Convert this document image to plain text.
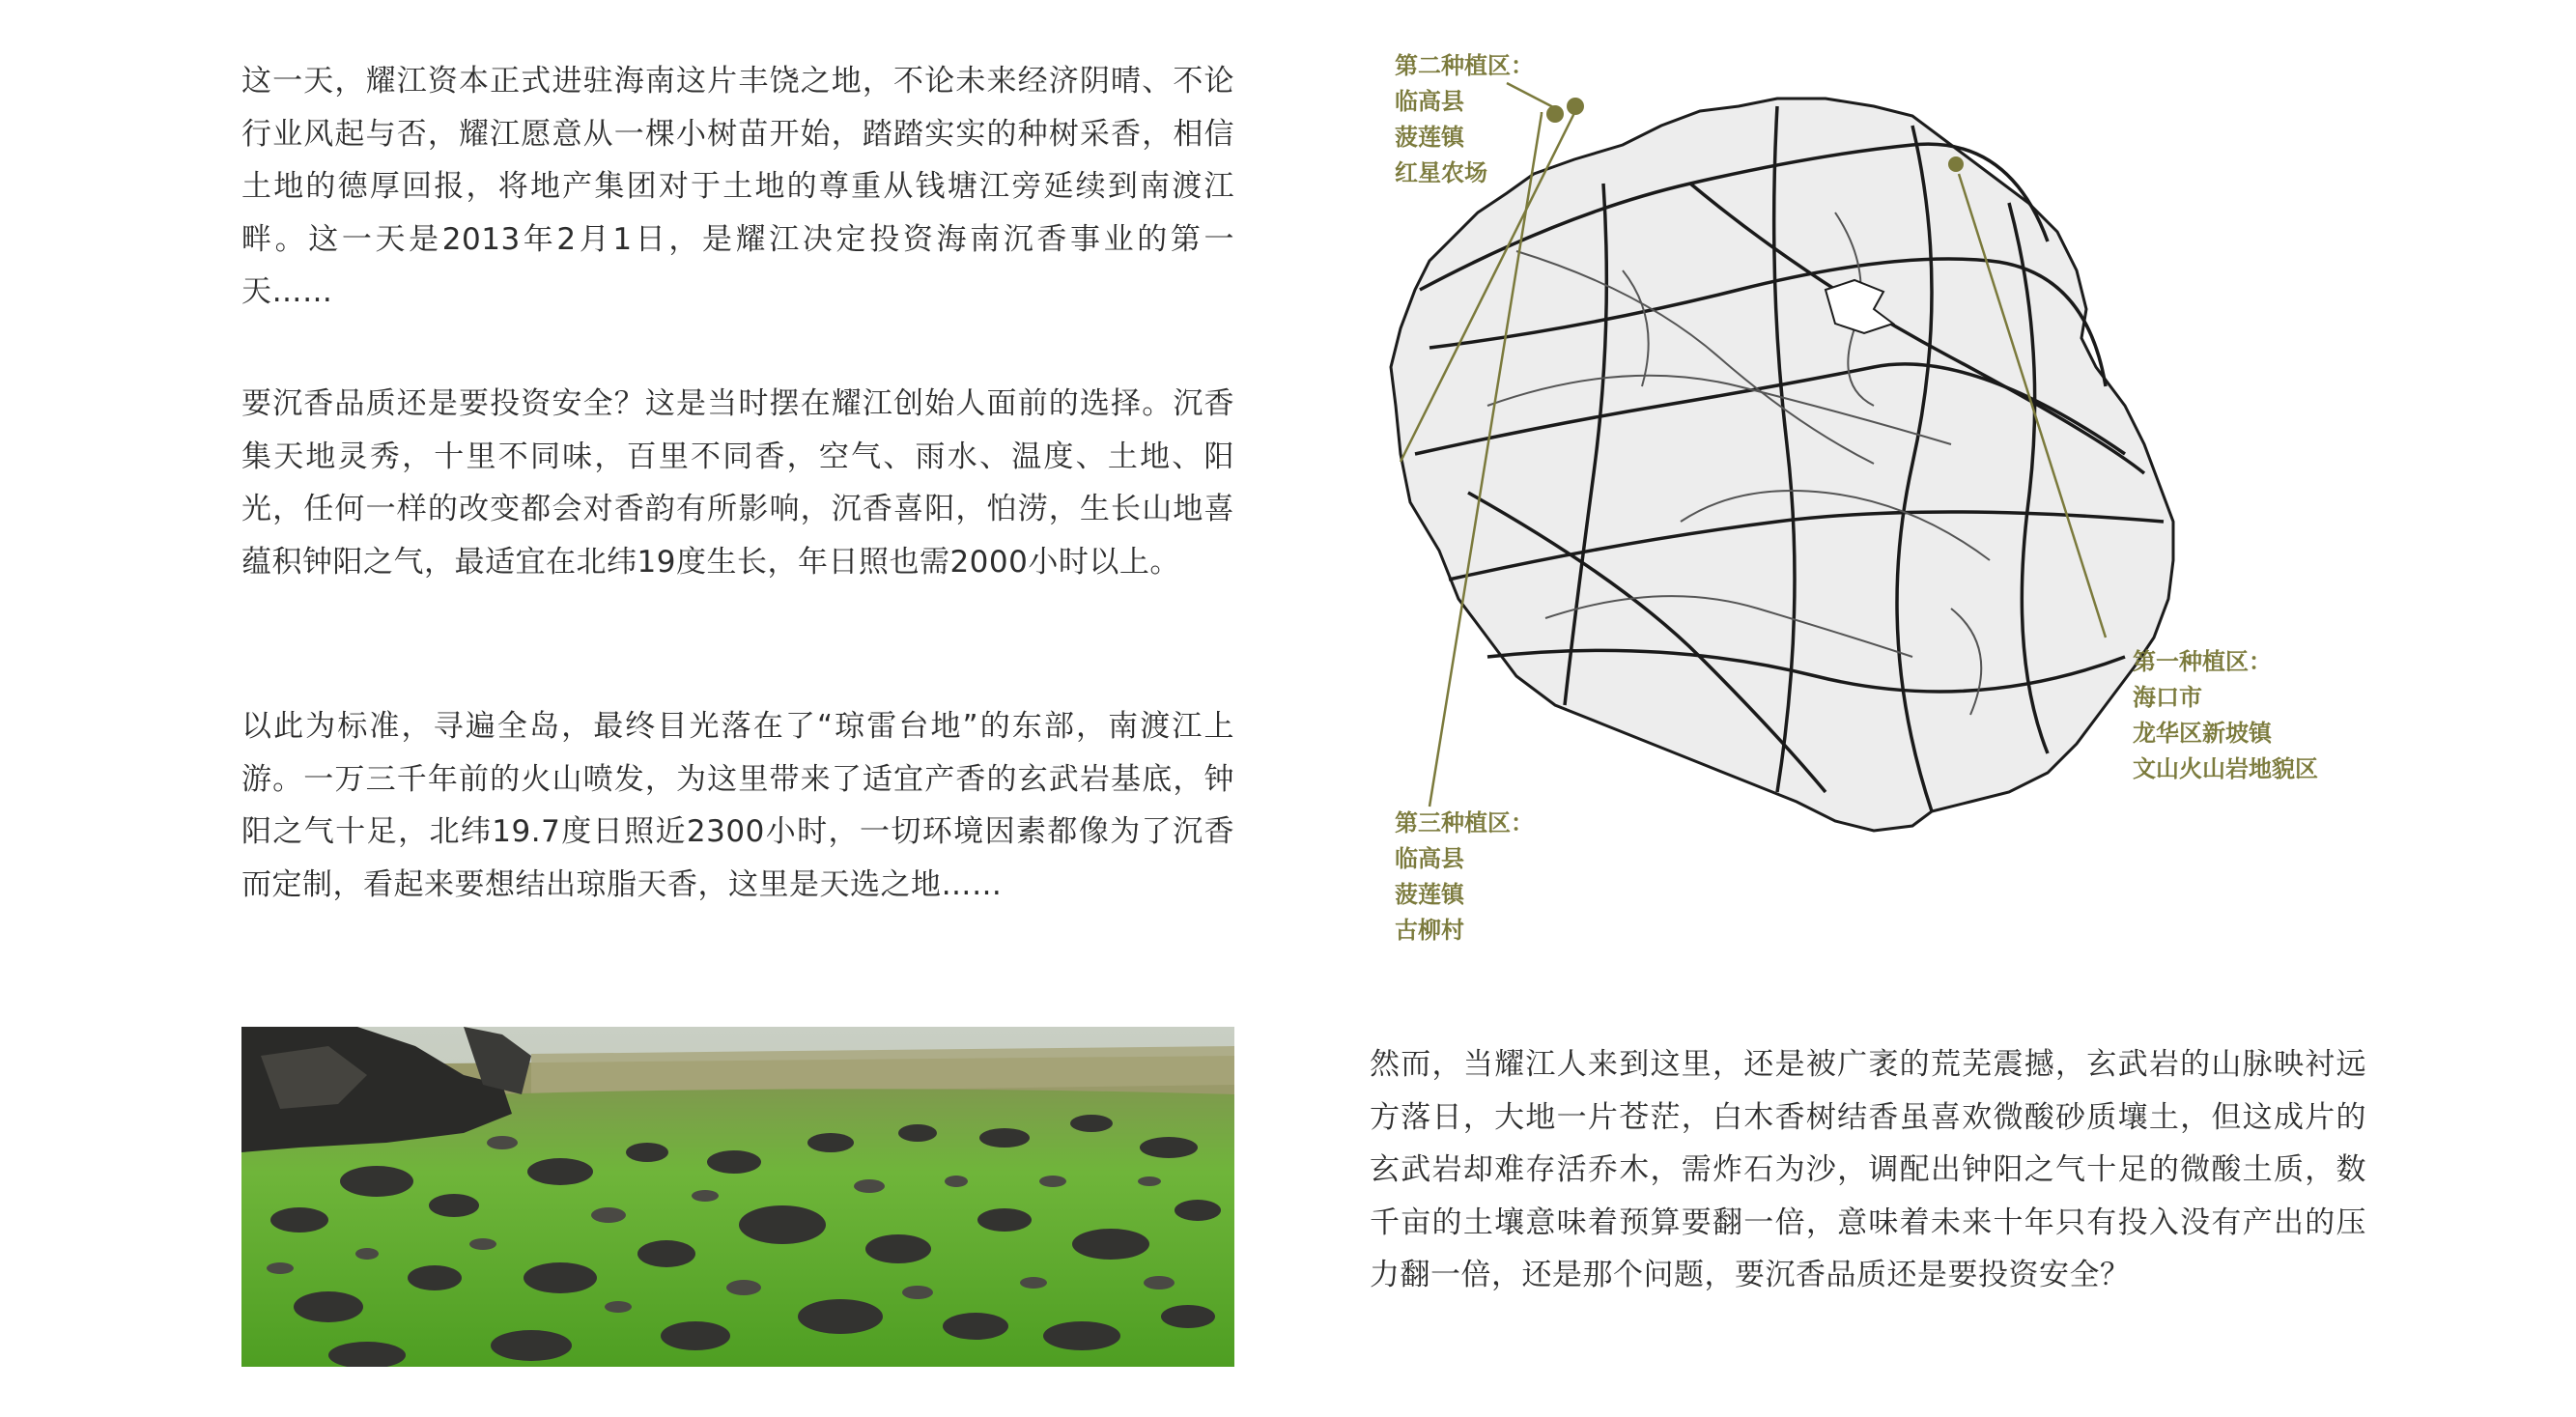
这一天，耀江资本正式进驻海南这片丰饶之地，不论未来经济阴晴、不论行业风起与否，耀江愿意从一棵小树苗开始，踏踏实实的种树采香，相信土地的德厚回报，将地产集团对于土地的尊重从钱塘江旁延续到南渡江畔。这一天是2013年2月1日，是耀江决定投资海南沉香事业的第一天……

要沉香品质还是要投资安全？这是当时摆在耀江创始人面前的选择。沉香集天地灵秀，十里不同味，百里不同香，空气、雨水、温度、土地、阳光，任何一样的改变都会对香韵有所影响，沉香喜阳，怕涝，生长山地喜蕴积钟阳之气，最适宜在北纬19度生长，年日照也需2000小时以上。

以此为标准，寻遍全岛，最终目光落在了“琼雷台地”的东部，南渡江上游。一万三千年前的火山喷发，为这里带来了适宜产香的玄武岩基底，钟阳之气十足，北纬19.7度日照近2300小时，一切环境因素都像为了沉香而定制，看起来要想结出琼脂天香，这里是天选之地……

第二种植区：
临高县
菠莲镇
红星农场
第一种植区：
海口市
龙华区新坡镇
文山火山岩地貌区
第三种植区：
临高县
菠莲镇
古柳村

然而，当耀江人来到这里，还是被广袤的荒芜震撼，玄武岩的山脉映衬远方落日，大地一片苍茫，白木香树结香虽喜欢微酸砂质壤土，但这成片的玄武岩却难存活乔木，需炸石为沙，调配出钟阳之气十足的微酸土质，数千亩的土壤意味着预算要翻一倍，意味着未来十年只有投入没有产出的压力翻一倍，还是那个问题，要沉香品质还是要投资安全？
